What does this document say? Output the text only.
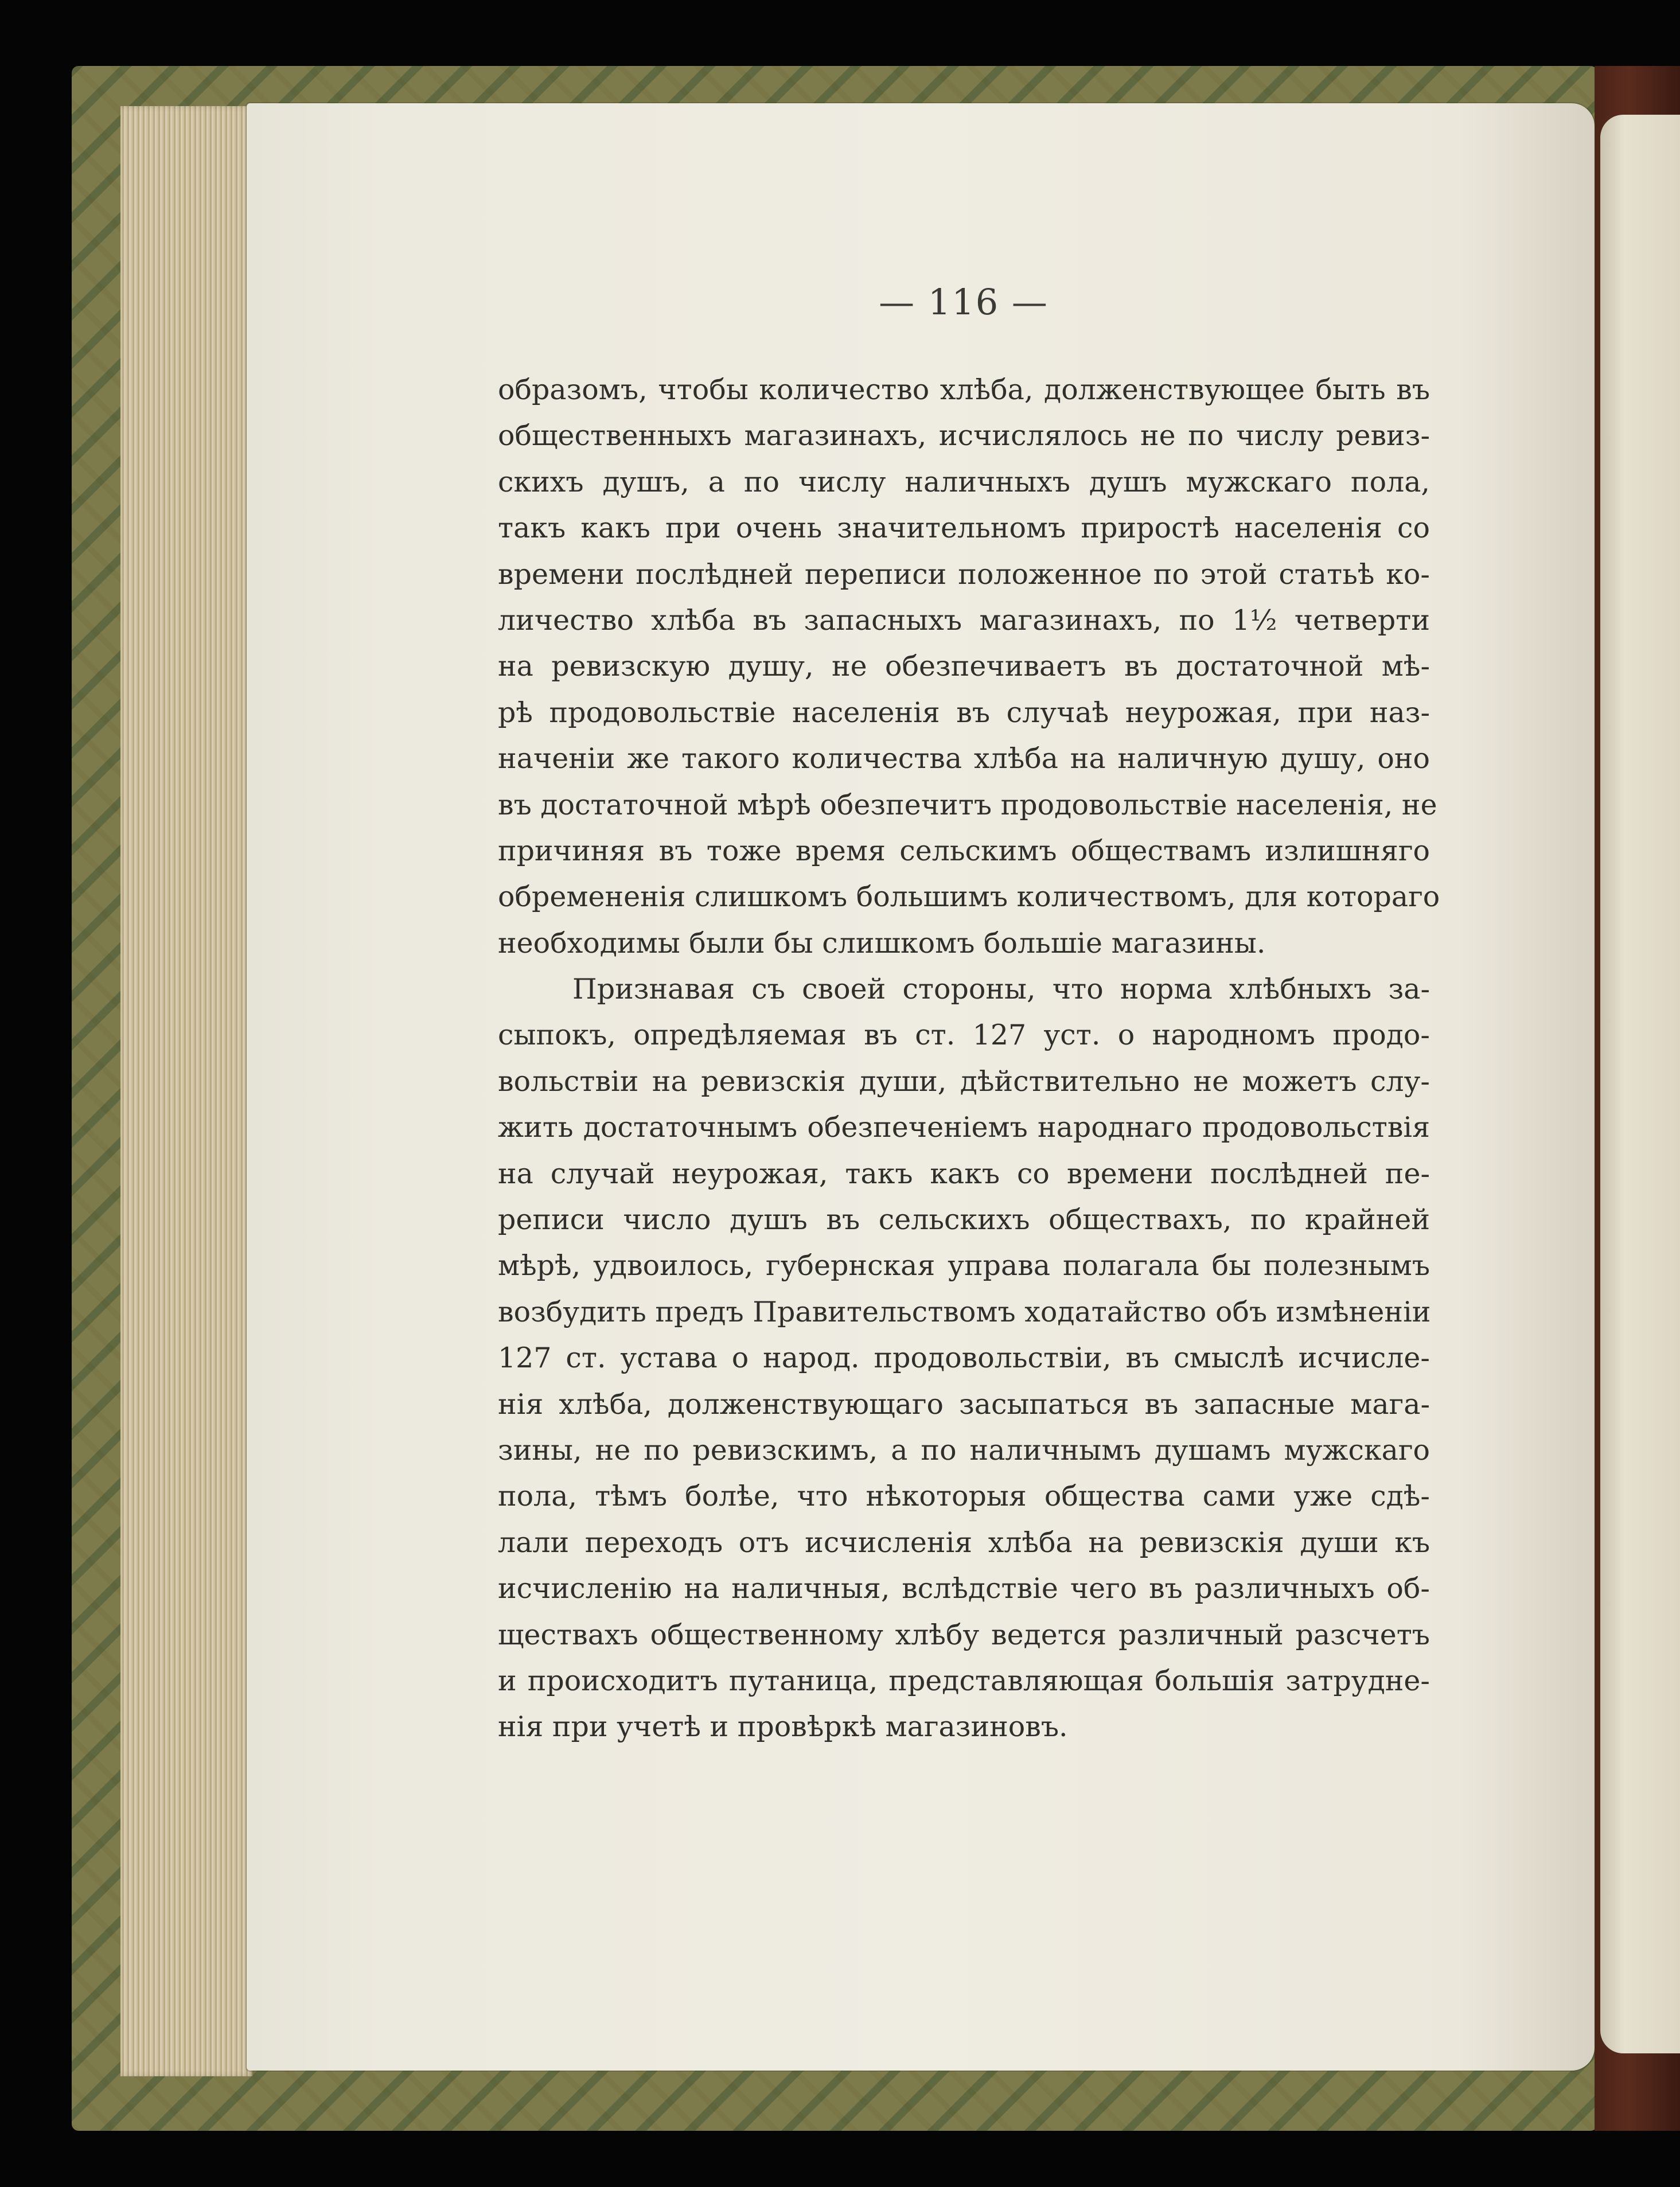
— 116 —
образомъ, чтобы количество хлѣба, долженствующее быть въ
общественныхъ магазинахъ, исчислялось не по числу ревиз-
скихъ душъ, а по числу наличныхъ душъ мужскаго пола,
такъ какъ при очень значительномъ приростѣ населенія со
времени послѣдней переписи положенное по этой статьѣ ко-
личество хлѣба въ запасныхъ магазинахъ, по 1½ четверти
на ревизскую душу, не обезпечиваетъ въ достаточной мѣ-
рѣ продовольствіе населенія въ случаѣ неурожая, при наз-
наченіи же такого количества хлѣба на наличную душу, оно
въ достаточной мѣрѣ обезпечитъ продовольствіе населенія, не
причиняя въ тоже время сельскимъ обществамъ излишняго
обремененія слишкомъ большимъ количествомъ, для котораго
необходимы были бы слишкомъ большіе магазины.
Признавая съ своей стороны, что норма хлѣбныхъ за-
сыпокъ, опредѣляемая въ ст. 127 уст. о народномъ продо-
вольствіи на ревизскія души, дѣйствительно не можетъ слу-
жить достаточнымъ обезпеченіемъ народнаго продовольствія
на случай неурожая, такъ какъ со времени послѣдней пе-
реписи число душъ въ сельскихъ обществахъ, по крайней
мѣрѣ, удвоилось, губернская управа полагала бы полезнымъ
возбудить предъ Правительствомъ ходатайство объ измѣненіи
127 ст. устава о народ. продовольствіи, въ смыслѣ исчисле-
нія хлѣба, долженствующаго засыпаться въ запасные мага-
зины, не по ревизскимъ, а по наличнымъ душамъ мужскаго
пола, тѣмъ болѣе, что нѣкоторыя общества сами уже сдѣ-
лали переходъ отъ исчисленія хлѣба на ревизскія души къ
исчисленію на наличныя, вслѣдствіе чего въ различныхъ об-
ществахъ общественному хлѣбу ведется различный разсчетъ
и происходитъ путаница, представляющая большія затрудне-
нія при учетѣ и провѣркѣ магазиновъ.
